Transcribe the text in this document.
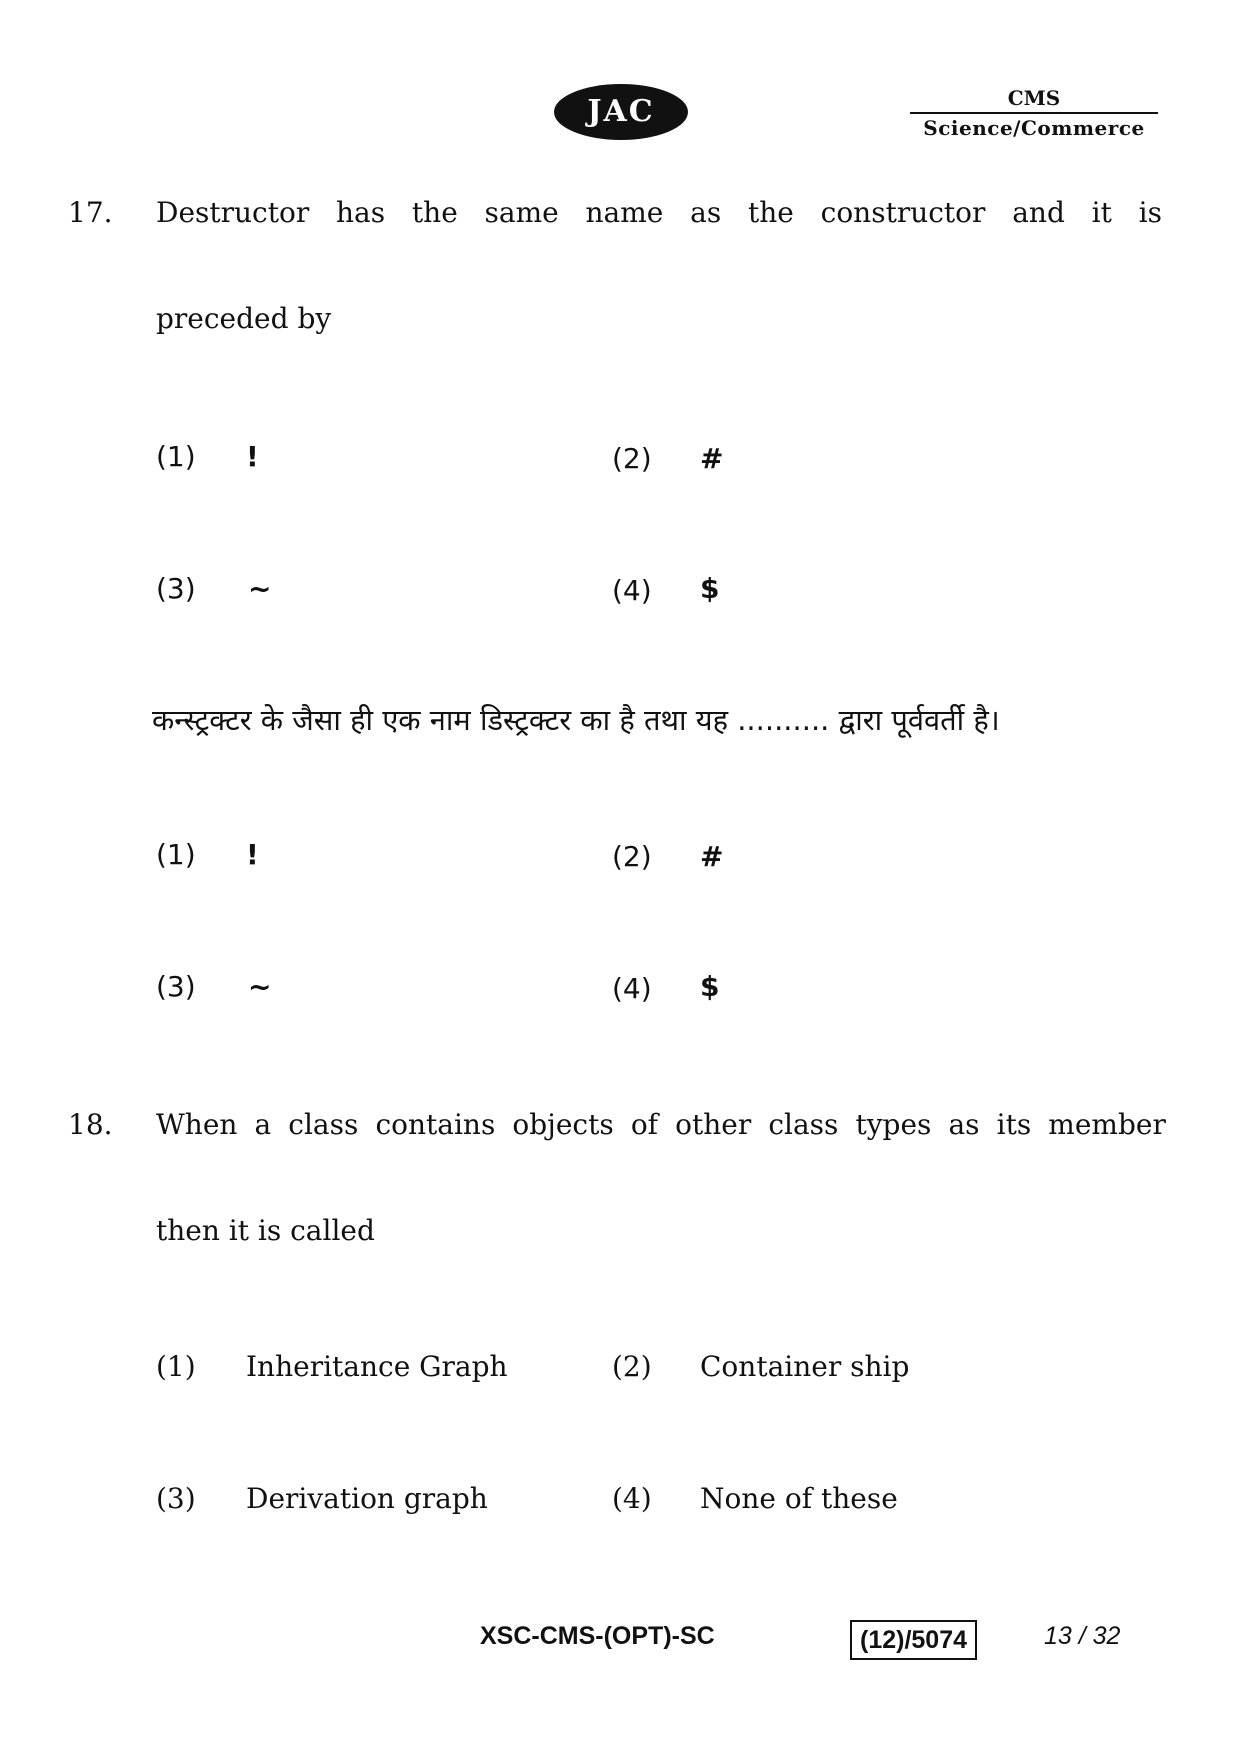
JAC	CMS
Science/Commerce
17. Destructor has the same name as the constructor and it is
preceded by
(1) !	(2) #
(3) ~	(4) $
कन्स्ट्रक्टर के जैसा ही एक नाम डिस्ट्रक्टर का है तथा यह .......... द्वारा पूर्ववर्ती है।
(1) !	(2) #
(3) ~	(4) $
18. When a class contains objects of other class types as its member
then it is called
(1) Inheritance Graph	(2) Container ship
(3) Derivation graph	(4) None of these
XSC-CMS-(OPT)-SC	(12)/5074	13 / 32
